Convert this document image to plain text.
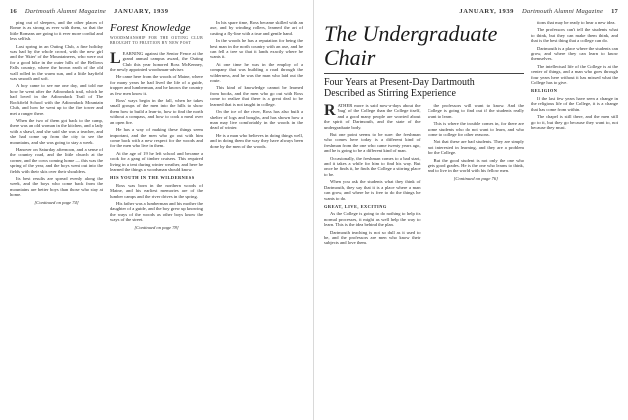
16 Dartmouth Alumni Magazine JANUARY, 1939

ping out of sleepers, and the other places of Rome is as strong as ever with them, so that the little Romans are going to it ever more cordial and less selfish.

Last spring in an Outing Club, a fine holiday was had by the whole crowd, with the new girl and the 'Skier' of the Mountaineers, who were out for a good hike in the outer hills of the Bellows Falls country, where the brown earth of the old wall rolled in the warm sun, and a little hayfield was smooth and soft.

A boy came to see me one day, and told me how he went after the Adirondack trail, which he had loved in the Adirondack Trail of The Rockfield School with the Adirondack Mountain Club, and how he went up to the fire tower and met a ranger there.

When the two of them got back to the camp, there was an old woman in the kitchen, and a lady with a shawl, and she said she was a teacher, and she had come up from the city to see the mountains, and she was going to stay a week.

Hanover on Saturday afternoon, and a sense of the country road, and the little church at the corner, and the cows coming home — this was the spring of the year, and the boys went out into the fields with their skis over their shoulders.

Its best results are spread evenly along the week, and the boys who come back from the mountains are better boys than those who stay at home.

[Continued on page 74]
Forest Knowledge
WOODSMANSHIP FOR THE OUTING CLUB BROUGHT TO FRUITION BY NEW POST

LEARNING against the Senior Fence at the grand annual campus award, the Outing Club this year honored Ross McKenney, the newly appointed woodsman-adviser.

He came here from the woods of Maine, where for many years he had lived the life of a guide, trapper and lumberman, and he knows the country as few men know it.

Ross' ways begin in the fall, when he takes small groups of the men into the hills to show them how to build a lean-to, how to find the north without a compass, and how to cook a meal over an open fire.

He has a way of making these things seem important, and the men who go out with him come back with a new respect for the woods and for the men who live in them.

At the age of 19 he left school and became a cook for a gang of timber cruisers. This required living in a tent during winter weather, and here he learned the things a woodsman should know.

HIS YOUTH IN THE WILDERNESS

Ross was born in the northern woods of Maine, and his earliest memories are of the lumber camps and the river drives in the spring.

His father was a lumberman and his mother the daughter of a guide, and the boy grew up knowing the ways of the woods as other boys know the ways of the street.

[Continued on page 78]

In his spare time, Ross became skilled with an axe, and by winding rollers, learned the art of casting a fly-line with a true and gentle hand.

In the woods he has a reputation for being the best man in the north country with an axe, and he can fell a tree so that it lands exactly where he wants it.

At one time he was in the employ of a company that was building a road through the wilderness, and he was the man who laid out the route.

This kind of knowledge cannot be learned from books, and the men who go out with Ross come to realize that there is a great deal to be learned that is not taught in college.

On the ice of the river, Ross has also built a shelter of logs and boughs, and has shown how a man may live comfortably in the woods in the dead of winter.

He is a man who believes in doing things well, and in doing them the way they have always been done by the men of the woods.

JANUARY, 1939 Dartmouth Alumni Magazine 17
The Undergraduate Chair
Four Years at Present-Day Dartmouth
Described as Stirring Experience

RATHER more is said now-a-days about the 'bug' of the College than the College itself, and a good many people are worried about the spirit of Dartmouth, and the state of the undergraduate body.

But one point seems to be sure: the freshman who comes here today is a different kind of freshman from the one who came twenty years ago, and he is going to be a different kind of man.

Occasionally, the freshman comes to a bad start, and it takes a while for him to find his way. But once he finds it, he finds the College a stirring place to be.

When you ask the students what they think of Dartmouth, they say that it is a place where a man can grow, and where he is free to do the things he wants to do.

GREAT, LIVE, EXCITING

As the College is going to do nothing to help its normal processes, it might as well help the way to learn. This is the idea behind the plan.

Dartmouth teaching is not so dull as it used to be, and the professors are men who know their subjects and love them.

the professors will want to know. And the College is going to find out if the students really want to learn.

This is where the trouble comes in, for there are some students who do not want to learn, and who come to college for other reasons.

Not that these are bad students. They are simply not interested in learning, and they are a problem for the College.

But the good student is not only the one who gets good grades. He is the one who learns to think, and to live in the world with his fellow men.

[Continued on page 76]

tions that may be ready to hear a new idea.

The professors can't tell the students what to think, but they can make them think, and that is the best thing that a college can do.

Dartmouth is a place where the students can grow, and where they can learn to know themselves.

The intellectual life of the College is at the center of things, and a man who goes through four years here without it has missed what the College has to give.

RELIGION

If the last few years have seen a change in the religious life of the College, it is a change that has come from within.

The chapel is still there, and the men still go to it, but they go because they want to, not because they must.
